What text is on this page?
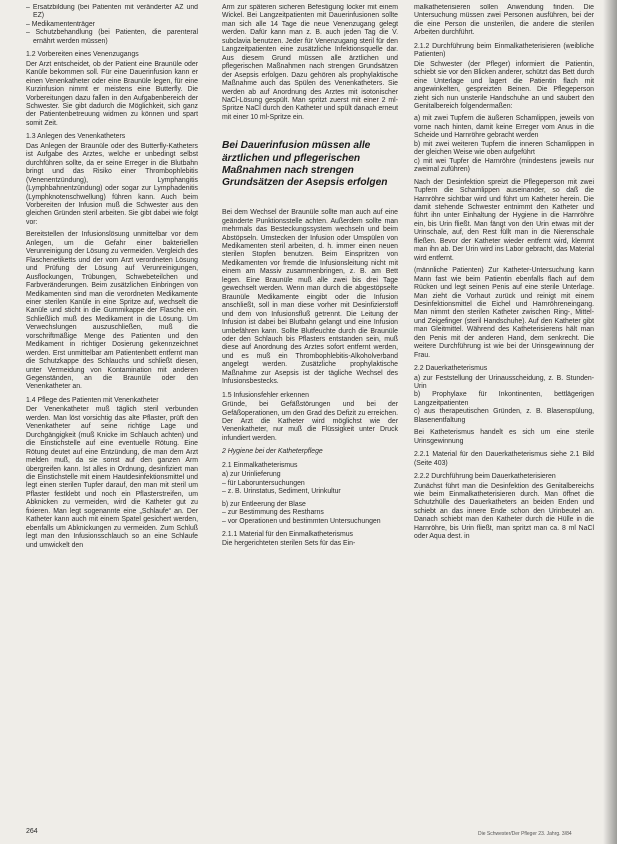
– Ersatzbildung (bei Patienten mit veränderter AZ und EZ)
– Medikamententräger
– Schutzbehandlung (bei Patienten, die parenteral ernährt werden müssen)
1.2 Vorbereiten eines Venenzugangs

Der Arzt entscheidet, ob der Patient eine Braunüle oder Kanüle bekommen soll. Für eine Dauerinfusion kann er einen Venenkatheter oder eine Braunüle legen, für eine Kurzinfusion nimmt er meistens eine Butterfly. Die Vorbereitungen dazu fallen in den Aufgabenbereich der Schwester. Sie gibt dadurch die Möglichkeit, sich ganz der Patientenbetreuung widmen zu können und spart somit Zeit.

1.3 Anlegen des Venenkatheters

Das Anlegen der Braunüle oder des Butterfly-Katheters ist Aufgabe des Arztes, welche er unbedingt selbst durchführen sollte, da er seine Erreger in die Blutbahn bringt und das Risiko einer Thrombophlebitis (Venenentzündung), Lymphangitis (Lymphbahnentzündung) oder sogar zur Lymphadenitis (Lymphknotenschwellung) führen kann. Auch beim Vorbereiten der Infusion muß die Schwester aus den gleichen Gründen steril arbeiten. Sie gibt dabei wie folgt vor:

Bereitstellen der Infusionslösung unmittelbar vor dem Anlegen, um die Gefahr einer bakteriellen Verunreinigung der Lösung zu vermeiden. Vergleich des Flaschenetiketts und der vom Arzt verordneten Lösung und Prüfung der Lösung auf Verunreinigungen, Ausflockungen, Trübungen, Schwebeteilchen und Farbveränderungen. Beim zusätzlichen Einbringen von Medikamenten sind man die verordneten Medikamente einer sterilen Kanüle in eine Spritze auf, wechselt die Kanüle und sticht in die Gummikappe der Flasche ein. Schließlich muß des Medikament in die Lösung. Um Verwechslungen auszuschließen, muß die vorschriftmäßige Menge des Patienten und den Medikament in richtiger Dosierung gekennzeichnet werden. Erst unmittelbar am Patientenbett entfernt man die Schutzkappe des Schlauchs und schließt diesen, unter Vermeidung von Kontamination mit anderen Gegenständen, an die Braunüle oder den Venenkatheter an.

1.4 Pflege des Patienten mit Venenkatheter

Der Venenkatheter muß täglich steril verbunden werden. Man löst vorsichtig das alte Pflaster, prüft den Venenkatheter auf seine richtige Lage und Durchgängigkeit (muß Knicke im Schlauch achten) und die Einstichstelle auf eine eventuelle Rötung. Eine Rötung deutet auf eine Entzündung, die man dem Arzt melden muß, da sie sonst auf den ganzen Arm übergreifen kann. Ist alles in Ordnung, desinfiziert man die Einstichstelle mit einem Hautdesinfektionsmittel und legt einen sterilen Tupfer darauf, den man mit steril um Pflaster festklebt und noch ein Pflasterstreifen, um Abknicken zu vermeiden, wird die Katheter gut zu fixieren. Man legt sogenannte eine „Schlaufe“ an. Der Katheter kann auch mit einem Spatel gesichert werden, ebenfalls um Abknickungen zu vermeiden. Zum Schluß legt man den Infusionsschlauch so an eine Schlaufe und umwickelt den

Arm zur späteren sicheren Befestigung locker mit einem Wickel. Bei Langzeitpatienten mit Dauerinfusionen sollte man sich alle 14 Tage die neue Venenzugang gelegt werden. Dafür kann man z. B. auch jeden Tag die V. subclavia benutzen. Jeder für Venenzugang steril für den Langzeitpatienten eine zusätzliche Infektionsquelle dar. Aus diesem Grund müssen alle ärztlichen und pflegerischen Maßnahmen nach strengen Grundsätzen der Asepsis erfolgen. Dazu gehören als prophylaktische Maßnahme auch das Spülen des Venenkatheters. Sie werden ab auf Anordnung des Arztes mit isotonischer NaCl-Lösung gespült. Man spritzt zuerst mit einer 2 ml-Spritze NaCl durch den Katheter und spült danach erneut mit einer 10 ml-Spritze ein.

Bei Dauerinfusion müssen alle ärztlichen und pflegerischen Maßnahmen nach strengen Grundsätzen der Asepsis erfolgen

Bei dem Wechsel der Braunüle sollte man auch auf eine geänderte Punktionsstelle achten. Außerdem sollte man mehrmals das Besteckungssystem wechseln und beim Abstöpseln. Umstecken der Infusion oder Umspülen von Medikamenten steril arbeiten, d. h. immer einen neuen sterilen Stopfen benutzen. Beim Einspritzen von Medikamenten vor fremde die Infusionsleitung nicht mit einem am Massiv zusammenbringen, z. B. am Bett legen. Eine Braunüle muß alle zwei bis drei Tage gewechselt werden. Wenn man durch die abgestöpselte Braunüle Medikamente eingibt oder die Infusion anschließt, soll in man diese vorher mit Desinfizierstoff und dem von Infusionsfluß getrennt. Die Leitung der Infusion ist dabei bei Blutbahn gelangt und eine Infusion umbefähren kann. Sollte Blutfeuchte durch die Braunüle oder den Schlauch bis Pflasters entstanden sein, muß diese auf Anordnung des Arztes sofort entfernt werden, und es muß ein Thrombophlebitis-Alkoholverband angelegt werden. Zusätzliche prophylaktische Maßnahme zur Asepsis ist der tägliche Wechsel des Infusionsbestecks.

1.5 Infusionsfehler erkennen

Gründe, bei Gefäßstörungen und bei der Gefäßoperationen, um den Grad des Defizit zu erreichen. Der Arzt die Katheter wird möglichst wie der Venenkatheter, nur muß die Flüssigkeit unter Druck infundiert werden.

2 Hygiene bei der Katheterpflege
2.1 Einmalkatheterismus
a) zur Urinlieferung
– für Laboruntersuchungen
– z. B. Urinstatus, Sediment, Urinkultur
b) zur Entleerung der Blase
– zur Bestimmung des Restharns
– vor Operationen und bestimmten Untersuchungen
2.1.1 Material für den Einmalkatheterismus

Die hergerichteten sterilen Sets für das Ein-

malkatheterisieren sollen Anwendung finden. Die Untersuchung müssen zwei Personen ausführen, bei der die eine Person die unsterilen, die andere die sterilen Arbeiten durchführt.

2.1.2 Durchführung beim Einmalkatheterisieren (weibliche Patienten)

Die Schwester (der Pfleger) informiert die Patientin, schiebt sie vor den Blicken anderer, schützt das Bett durch eine Unterlage und lagert die Patientin flach mit angewinkelten, gespreizten Beinen. Die Pflegeperson zieht sich nun unsterile Handschuhe an und säubert den Genitalbereich folgendermaßen:

a) mit zwei Tupfern die äußeren Schamlippen, jeweils von vorne nach hinten, damit keine Erreger vom Anus in die Scheide und Harnröhre gebracht werden
b) mit zwei weiteren Tupfern die inneren Schamlippen in der gleichen Weise wie oben aufgeführt
c) mit wei Tupfer die Harnröhre (mindestens jeweils nur zweimal zuführen)

Nach der Desinfektion spreizt die Pflegeperson mit zwei Tupfern die Schamlippen auseinander, so daß die Harnröhre sichtbar wird und führt um Katheter herein. Die damit stehende Schwester entnimmt den Katheter und führt ihn unter Einhaltung der Hygiene in die Harnröhre ein, bis Urin fließt. Man fängt von den Urin etwas mit der Urinschale, auf, den Rest füllt man in die Nierenschale fließen. Bevor der Katheter wieder entfernt wird, klemmt man ihn ab. Der Urin wird ins Labor gebracht, das Material wird entfernt.

(männliche Patienten) Zur Katheter-Untersuchung kann Mann fast wie beim Patientin ebenfalls flach auf dem Rücken und legt seinen Penis auf eine sterile Unterlage. Man zieht die Vorhaut zurück und reinigt mit einem Desinfektionsmittel die Eichel und Harnröhreneingang. Man nimmt den sterilen Katheter zwischen Ring-, Mittel- und Zeigefinger (steril Handschuhe). Auf den Katheter gibt man Gleitmittel. Während des Katheterisierens hält man den Penis mit der anderen Hand, dem senkrecht. Die weitere Durchführung ist wie bei der Urinsgewinnung der Frau.

2.2 Dauerkatheterismus
a) zur Feststellung der Urinausscheidung, z. B. Stunden-Urin
b) Prophylaxe für Inkontinenten, bettlägerigen Langzeitpatienten
c) aus therapeutischen Gründen, z. B. Blasenspülung, Blasenentfaltung

Bei Katheterismus handelt es sich um eine sterile Urinsgewinnung

2.2.1 Material für den Dauerkatheterismus siehe 2.1 Bild (Seite 403)
2.2.2 Durchführung beim Dauerkatheterisieren

Zunächst führt man die Desinfektion des Genitalbereichs wie beim Einmalkatheterisieren durch. Man öffnet die Schutzhülle des Dauerkatheters an beiden Enden und schiebt an das innere Ende schon den Urinbeutel an. Danach schiebt man den Katheter durch die Hülle in die Harnröhre, bis Urin fließt, man spritzt man ca. 8 ml NaCl oder Aqua dest. in

264	Die Schwester/Der Pfleger 23. Jahrg. 3/84
